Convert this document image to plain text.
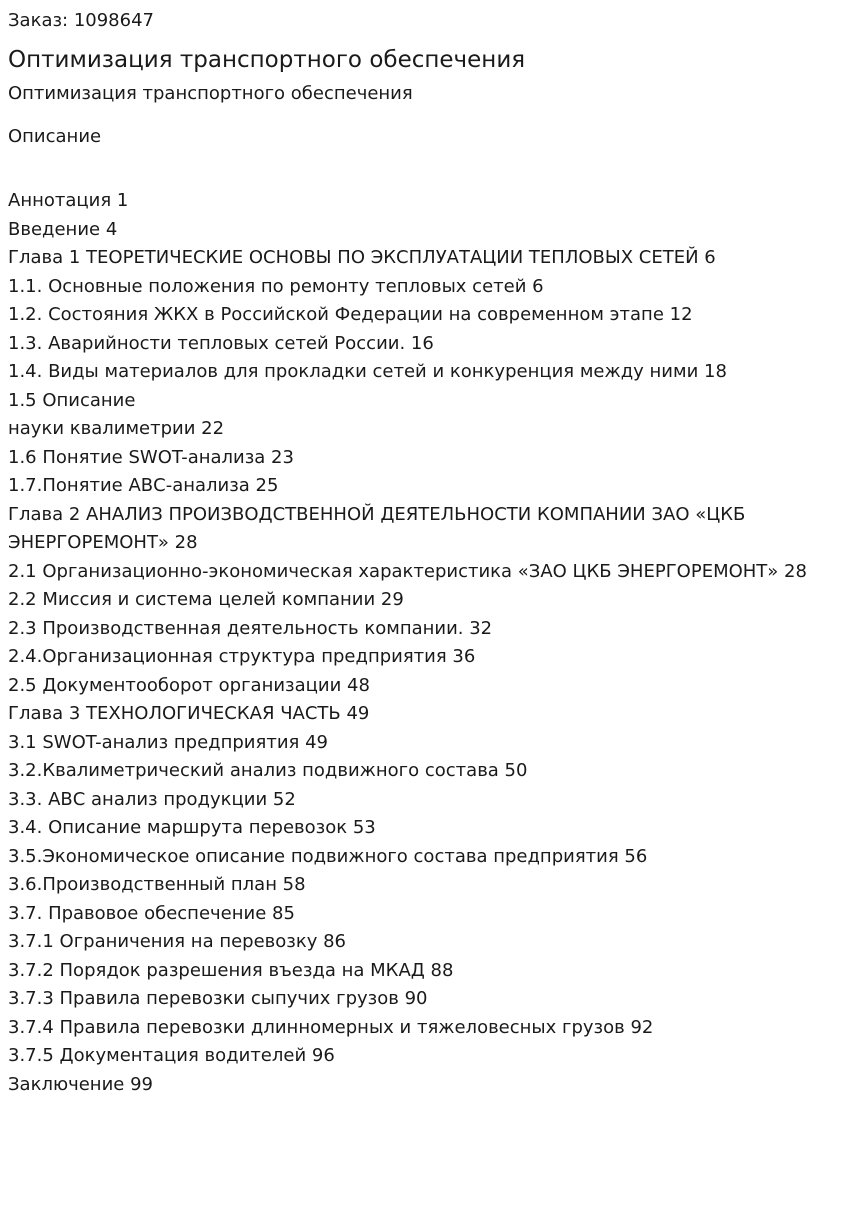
Заказ: 1098647
Оптимизация транспортного обеспечения
Оптимизация транспортного обеспечения
Описание
Аннотация 1
Введение 4
Глава 1 ТЕОРЕТИЧЕСКИЕ ОСНОВЫ ПО ЭКСПЛУАТАЦИИ ТЕПЛОВЫХ СЕТЕЙ 6
1.1. Основные положения по ремонту тепловых сетей 6
1.2. Состояния ЖКХ в Российской Федерации на современном этапе 12
1.3. Аварийности тепловых сетей России. 16
1.4. Виды материалов для прокладки сетей и конкуренция между ними 18
1.5 Описание
науки квалиметрии 22
1.6 Понятие SWOT-анализа 23
1.7.Понятие АВС-анализа 25
Глава 2 АНАЛИЗ ПРОИЗВОДСТВЕННОЙ ДЕЯТЕЛЬНОСТИ КОМПАНИИ ЗАО «ЦКБ ЭНЕРГОРЕМОНТ» 28
2.1 Организационно-экономическая характеристика «ЗАО ЦКБ ЭНЕРГОРЕМОНТ» 28
2.2 Миссия и система целей компании 29
2.3 Производственная деятельность компании. 32
2.4.Организационная структура предприятия 36
2.5 Документооборот организации 48
Глава 3 ТЕХНОЛОГИЧЕСКАЯ ЧАСТЬ 49
3.1 SWOT-анализ предприятия 49
3.2.Квалиметрический анализ подвижного состава 50
3.3. АВС анализ продукции 52
3.4. Описание маршрута перевозок 53
3.5.Экономическое описание подвижного состава предприятия 56
3.6.Производственный план 58
3.7. Правовое обеспечение 85
3.7.1 Ограничения на перевозку 86
3.7.2 Порядок разрешения въезда на МКАД 88
3.7.3 Правила перевозки сыпучих грузов 90
3.7.4 Правила перевозки длинномерных и тяжеловесных грузов 92
3.7.5 Документация водителей 96
Заключение 99
